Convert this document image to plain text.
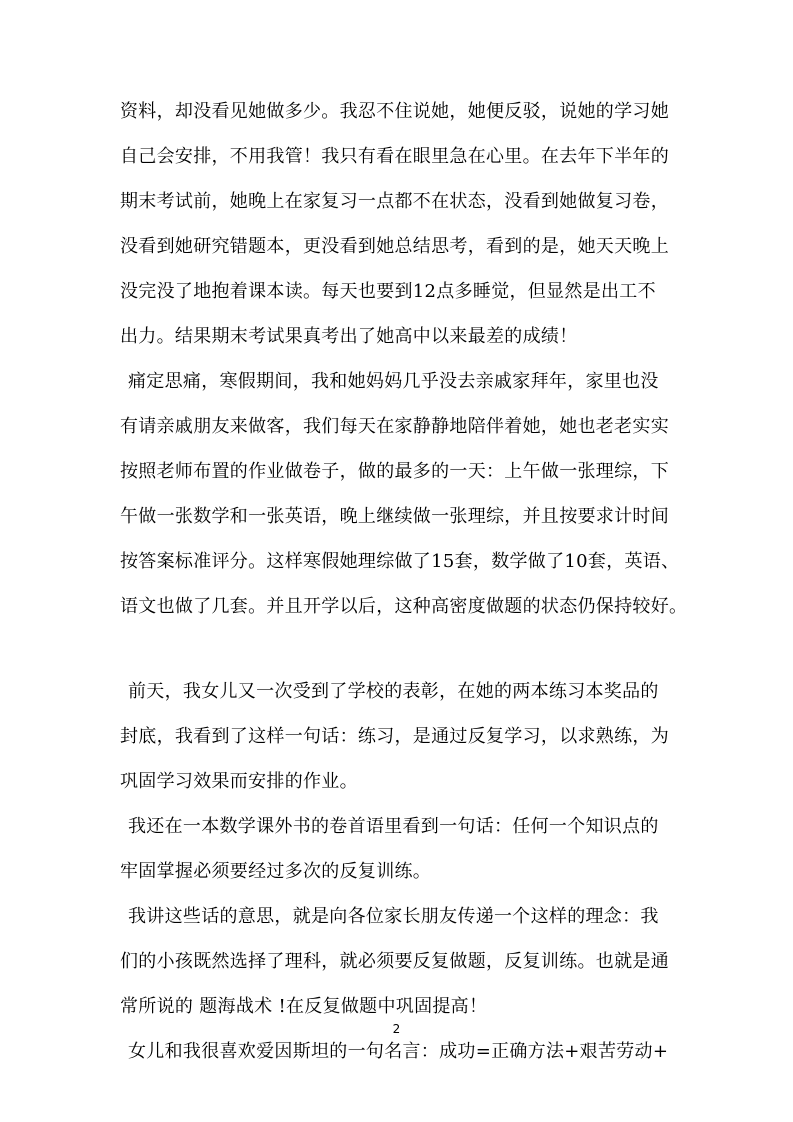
资料，却没看见她做多少。我忍不住说她，她便反驳，说她的学习她
自己会安排，不用我管！我只有看在眼里急在心里。在去年下半年的
期末考试前，她晚上在家复习一点都不在状态，没看到她做复习卷，
没看到她研究错题本，更没看到她总结思考，看到的是，她天天晚上
没完没了地抱着课本读。每天也要到12点多睡觉，但显然是出工不
出力。结果期末考试果真考出了她高中以来最差的成绩！
痛定思痛，寒假期间，我和她妈妈几乎没去亲戚家拜年，家里也没
有请亲戚朋友来做客，我们每天在家静静地陪伴着她，她也老老实实
按照老师布置的作业做卷子，做的最多的一天：上午做一张理综，下
午做一张数学和一张英语，晚上继续做一张理综，并且按要求计时间
按答案标准评分。这样寒假她理综做了15套，数学做了10套，英语、
语文也做了几套。并且开学以后，这种高密度做题的状态仍保持较好。
前天，我女儿又一次受到了学校的表彰，在她的两本练习本奖品的
封底，我看到了这样一句话：练习，是通过反复学习，以求熟练，为
巩固学习效果而安排的作业。
我还在一本数学课外书的卷首语里看到一句话：任何一个知识点的
牢固掌握必须要经过多次的反复训练。
我讲这些话的意思，就是向各位家长朋友传递一个这样的理念：我
们的小孩既然选择了理科，就必须要反复做题，反复训练。也就是通
常所说的 题海战术 !在反复做题中巩固提高！
女儿和我很喜欢爱因斯坦的一句名言：成功=正确方法+艰苦劳动+
2
